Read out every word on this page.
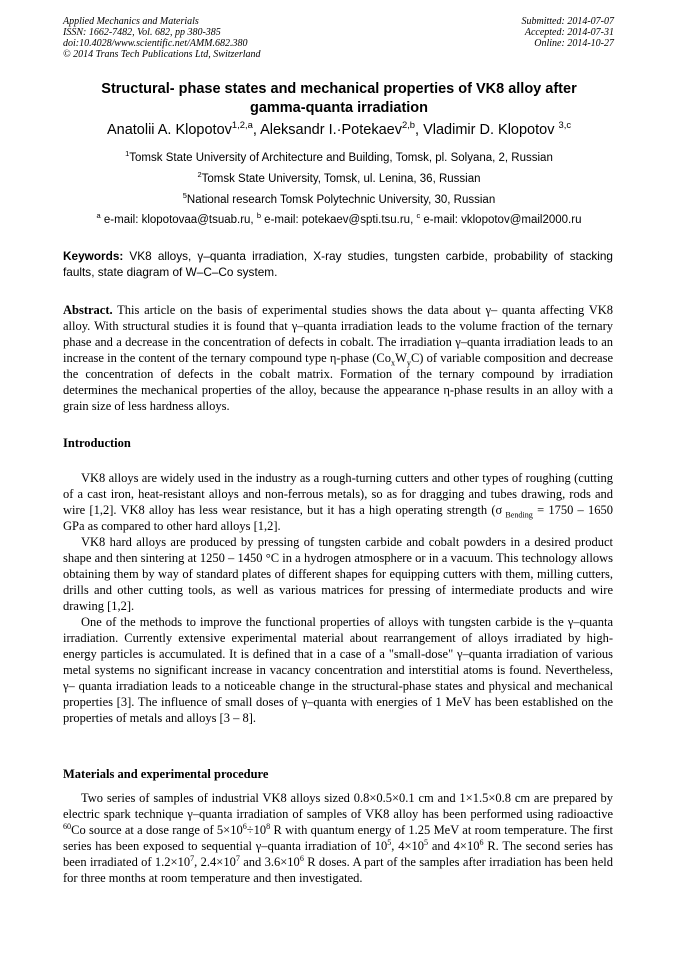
Applied Mechanics and Materials
ISSN: 1662-7482, Vol. 682, pp 380-385
doi:10.4028/www.scientific.net/AMM.682.380
© 2014 Trans Tech Publications Ltd, Switzerland
Submitted: 2014-07-07
Accepted: 2014-07-31
Online: 2014-10-27
Structural- phase states and mechanical properties of VK8 alloy after
gamma-quanta irradiation
Anatolii A. Klopotov$^{1,2,a}$, Aleksandr I.·Potekaev$^{2,b}$, Vladimir D. Klopotov $^{3,c}$
$^1$Tomsk State University of Architecture and Building, Tomsk, pl. Solyana, 2, Russian
$^2$Tomsk State University, Tomsk, ul. Lenina, 36, Russian
$^5$National research Tomsk Polytechnic University, 30, Russian
$^a$ e-mail: klopotovaa@tsuab.ru, $^b$ e-mail: potekaev@spti.tsu.ru, $^c$ e-mail: vklopotov@mail2000.ru
Keywords: VK8 alloys, γ–quanta irradiation, X-ray studies, tungsten carbide, probability of stacking faults, state diagram of W–C–Co system.

Abstract. This article on the basis of experimental studies shows the data about γ– quanta affecting VK8 alloy. With structural studies it is found that γ–quanta irradiation leads to the volume fraction of the ternary phase and a decrease in the concentration of defects in cobalt. The irradiation γ–quanta irradiation leads to an increase in the content of the ternary compound type η-phase $(Co_xW_yC)$ of variable composition and decrease the concentration of defects in the cobalt matrix. Formation of the ternary compound by irradiation determines the mechanical properties of the alloy, because the appearance η-phase results in an alloy with a grain size of less hardness alloys.

Introduction

VK8 alloys are widely used in the industry as a rough-turning cutters and other types of roughing (cutting of a cast iron, heat-resistant alloys and non-ferrous metals), so as for dragging and tubes drawing, rods and wire [1,2]. VK8 alloy has less wear resistance, but it has a high operating strength (σ $_{Bending}$ = 1750 – 1650 GPa as compared to other hard alloys [1,2].

VK8 hard alloys are produced by pressing of tungsten carbide and cobalt powders in a desired product shape and then sintering at 1250 – 1450 °C in a hydrogen atmosphere or in a vacuum. This technology allows obtaining them by way of standard plates of different shapes for equipping cutters with them, milling cutters, drills and other cutting tools, as well as various matrices for pressing of intermediate products and wire drawing [1,2].

One of the methods to improve the functional properties of alloys with tungsten carbide is the γ–quanta irradiation. Currently extensive experimental material about rearrangement of alloys irradiated by high-energy particles is accumulated. It is defined that in a case of a "small-dose" γ–quanta irradiation of various metal systems no significant increase in vacancy concentration and interstitial atoms is found. Nevertheless, γ– quanta irradiation leads to a noticeable change in the structural-phase states and physical and mechanical properties [3]. The influence of small doses of γ–quanta with energies of 1 MeV has been established on the properties of metals and alloys [3 – 8].

Materials and experimental procedure

Two series of samples of industrial VK8 alloys sized 0.8×0.5×0.1 cm and 1×1.5×0.8 cm are prepared by electric spark technique γ–quanta irradiation of samples of VK8 alloy has been performed using radioactive $^{60}$Co source at a dose range of $5\times 10^6\div 10^8$ R with quantum energy of 1.25 MeV at room temperature. The first series has been exposed to sequential γ–quanta irradiation of $10^5$, $4\times 10^5$ and $4\times 10^6$ R. The second series has been irradiated of $1.2\times 10^7$, $2.4\times 10^7$ and $3.6\times 10^6$ R doses. A part of the samples after irradiation has been held for three months at room temperature and then investigated.
